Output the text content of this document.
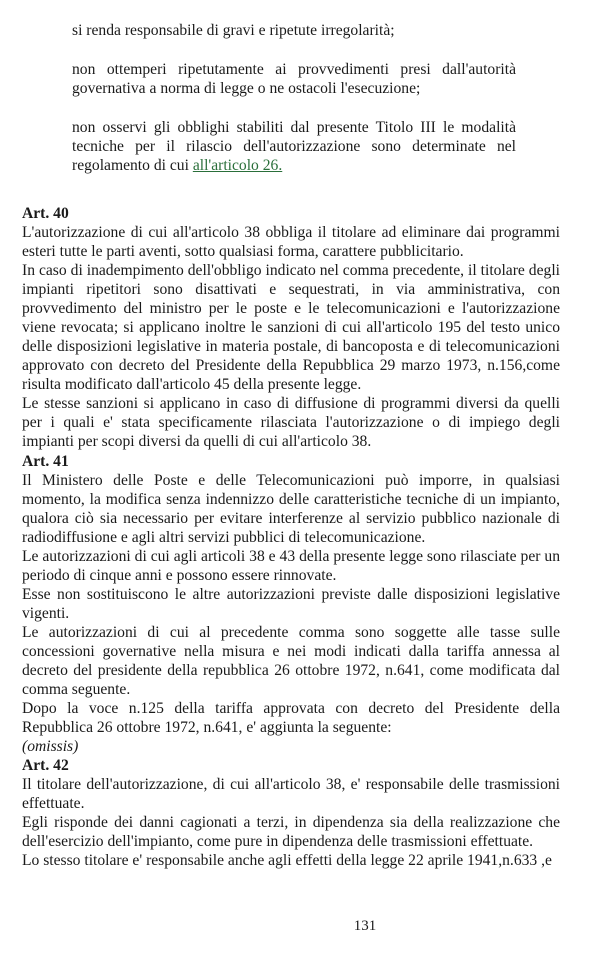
si renda responsabile di gravi e ripetute irregolarità;

non ottemperi ripetutamente ai provvedimenti presi dall'autorità governativa a norma di legge o ne ostacoli l'esecuzione;

non osservi gli obblighi stabiliti dal presente Titolo III le modalità tecniche per il rilascio dell'autorizzazione sono determinate nel regolamento di cui all'articolo 26.

Art. 40

L'autorizzazione di cui all'articolo 38 obbliga il titolare ad eliminare dai programmi esteri tutte le parti aventi, sotto qualsiasi forma, carattere pubblicitario.

In caso di inadempimento dell'obbligo indicato nel comma precedente, il titolare degli impianti ripetitori sono disattivati e sequestrati, in via amministrativa, con provvedimento del ministro per le poste e le telecomunicazioni e l'autorizzazione viene revocata; si applicano inoltre le sanzioni di cui all'articolo 195 del testo unico delle disposizioni legislative in materia postale, di bancoposta e di telecomunicazioni approvato con decreto del Presidente della Repubblica 29 marzo 1973, n.156,come risulta modificato dall'articolo 45 della presente legge.

Le stesse sanzioni si applicano in caso di diffusione di programmi diversi da quelli per i quali e' stata specificamente rilasciata l'autorizzazione o di impiego degli impianti per scopi diversi da quelli di cui all'articolo 38.

Art. 41

Il Ministero delle Poste e delle Telecomunicazioni può imporre, in qualsiasi momento, la modifica senza indennizzo delle caratteristiche tecniche di un impianto, qualora ciò sia necessario per evitare interferenze al servizio pubblico nazionale di radiodiffusione e agli altri servizi pubblici di telecomunicazione.

Le autorizzazioni di cui agli articoli 38 e 43 della presente legge sono rilasciate per un periodo di cinque anni e possono essere rinnovate.

Esse non sostituiscono le altre autorizzazioni previste dalle disposizioni legislative vigenti.

Le autorizzazioni di cui al precedente comma sono soggette alle tasse sulle concessioni governative nella misura e nei modi indicati dalla tariffa annessa al decreto del presidente della repubblica 26 ottobre 1972, n.641, come modificata dal comma seguente.

Dopo la voce n.125 della tariffa approvata con decreto del Presidente della Repubblica 26 ottobre 1972, n.641, e' aggiunta la seguente:

(omissis)

Art. 42

Il titolare dell'autorizzazione, di cui all'articolo 38, e' responsabile delle trasmissioni effettuate.

Egli risponde dei danni cagionati a terzi, in dipendenza sia della realizzazione che dell'esercizio dell'impianto, come pure in dipendenza delle trasmissioni effettuate.

Lo stesso titolare e' responsabile anche agli effetti della legge 22 aprile 1941,n.633 ,e

131
